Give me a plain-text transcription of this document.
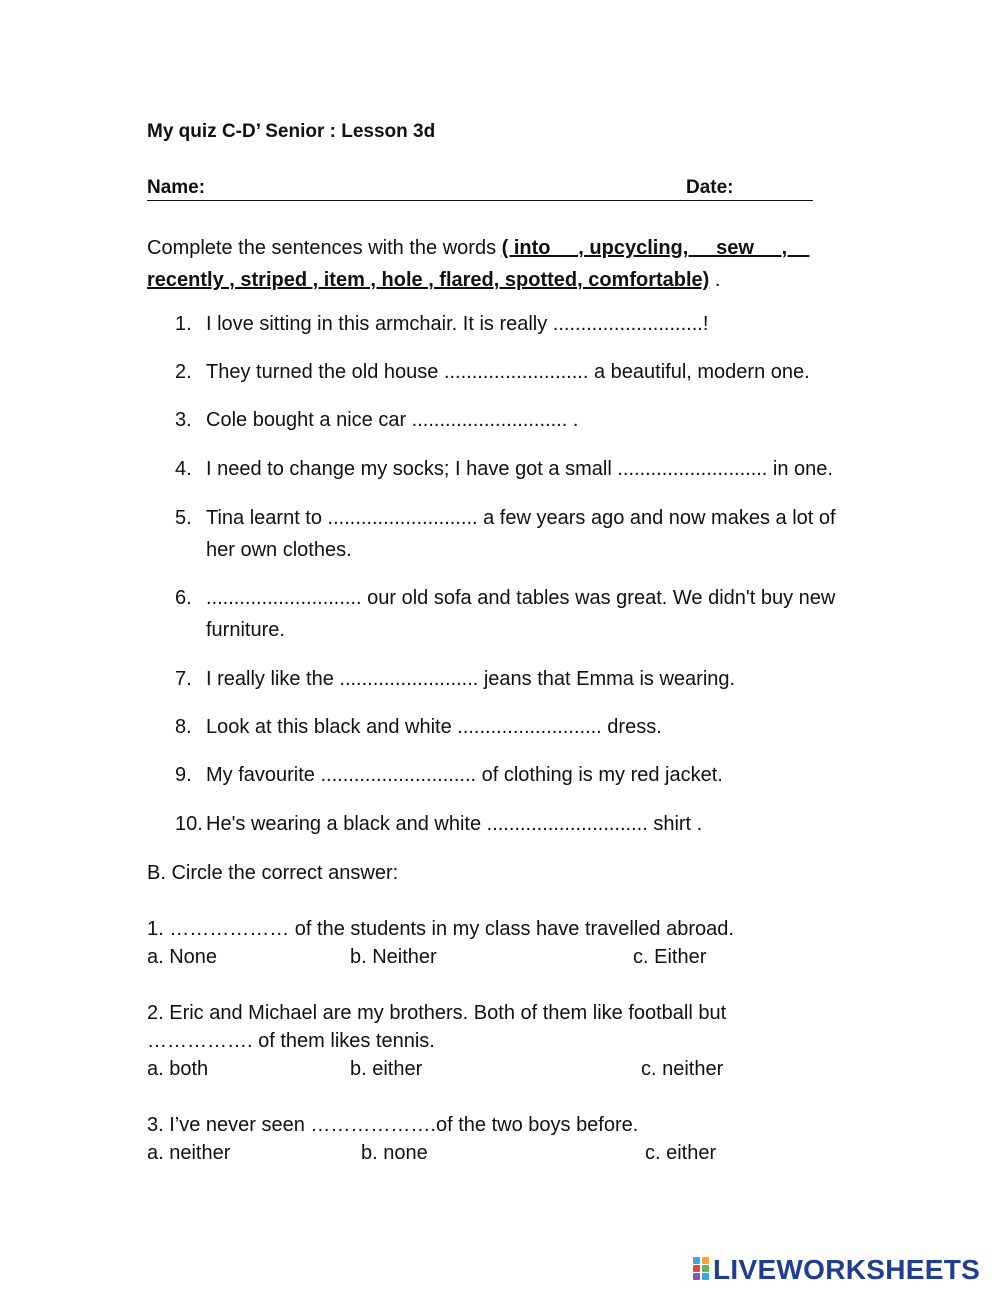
My quiz C-D’ Senior : Lesson 3d
Name:	Date:
Complete the sentences with the words ( into     , upcycling,     sew     ,
recently , striped , item , hole , flared, spotted, comfortable) .
1. I love sitting in this armchair. It is really ...........................!
2. They turned the old house .......................... a beautiful, modern one.
3. Cole bought a nice car ............................ .
4. I need to change my socks; I have got a small ........................... in one.
5. Tina learnt to ........................... a few years ago and now makes a lot of her own clothes.
6. ............................ our old sofa and tables was great. We didn't buy new furniture.
7. I really like the ......................... jeans that Emma is wearing.
8. Look at this black and white .......................... dress.
9. My favourite ............................ of clothing is my red jacket.
10. He's wearing a black and white ............................. shirt .
B. Circle the correct answer:
1. ……………… of the students in my class have travelled abroad.
a. None	b. Neither	c. Either
2. Eric and Michael are my brothers. Both of them like football but ……………. of them likes tennis.
a. both	b. either	c. neither
3. I’ve never seen ……………….of the two boys before.
a. neither	b. none	c. either
LIVEWORKSHEETS
